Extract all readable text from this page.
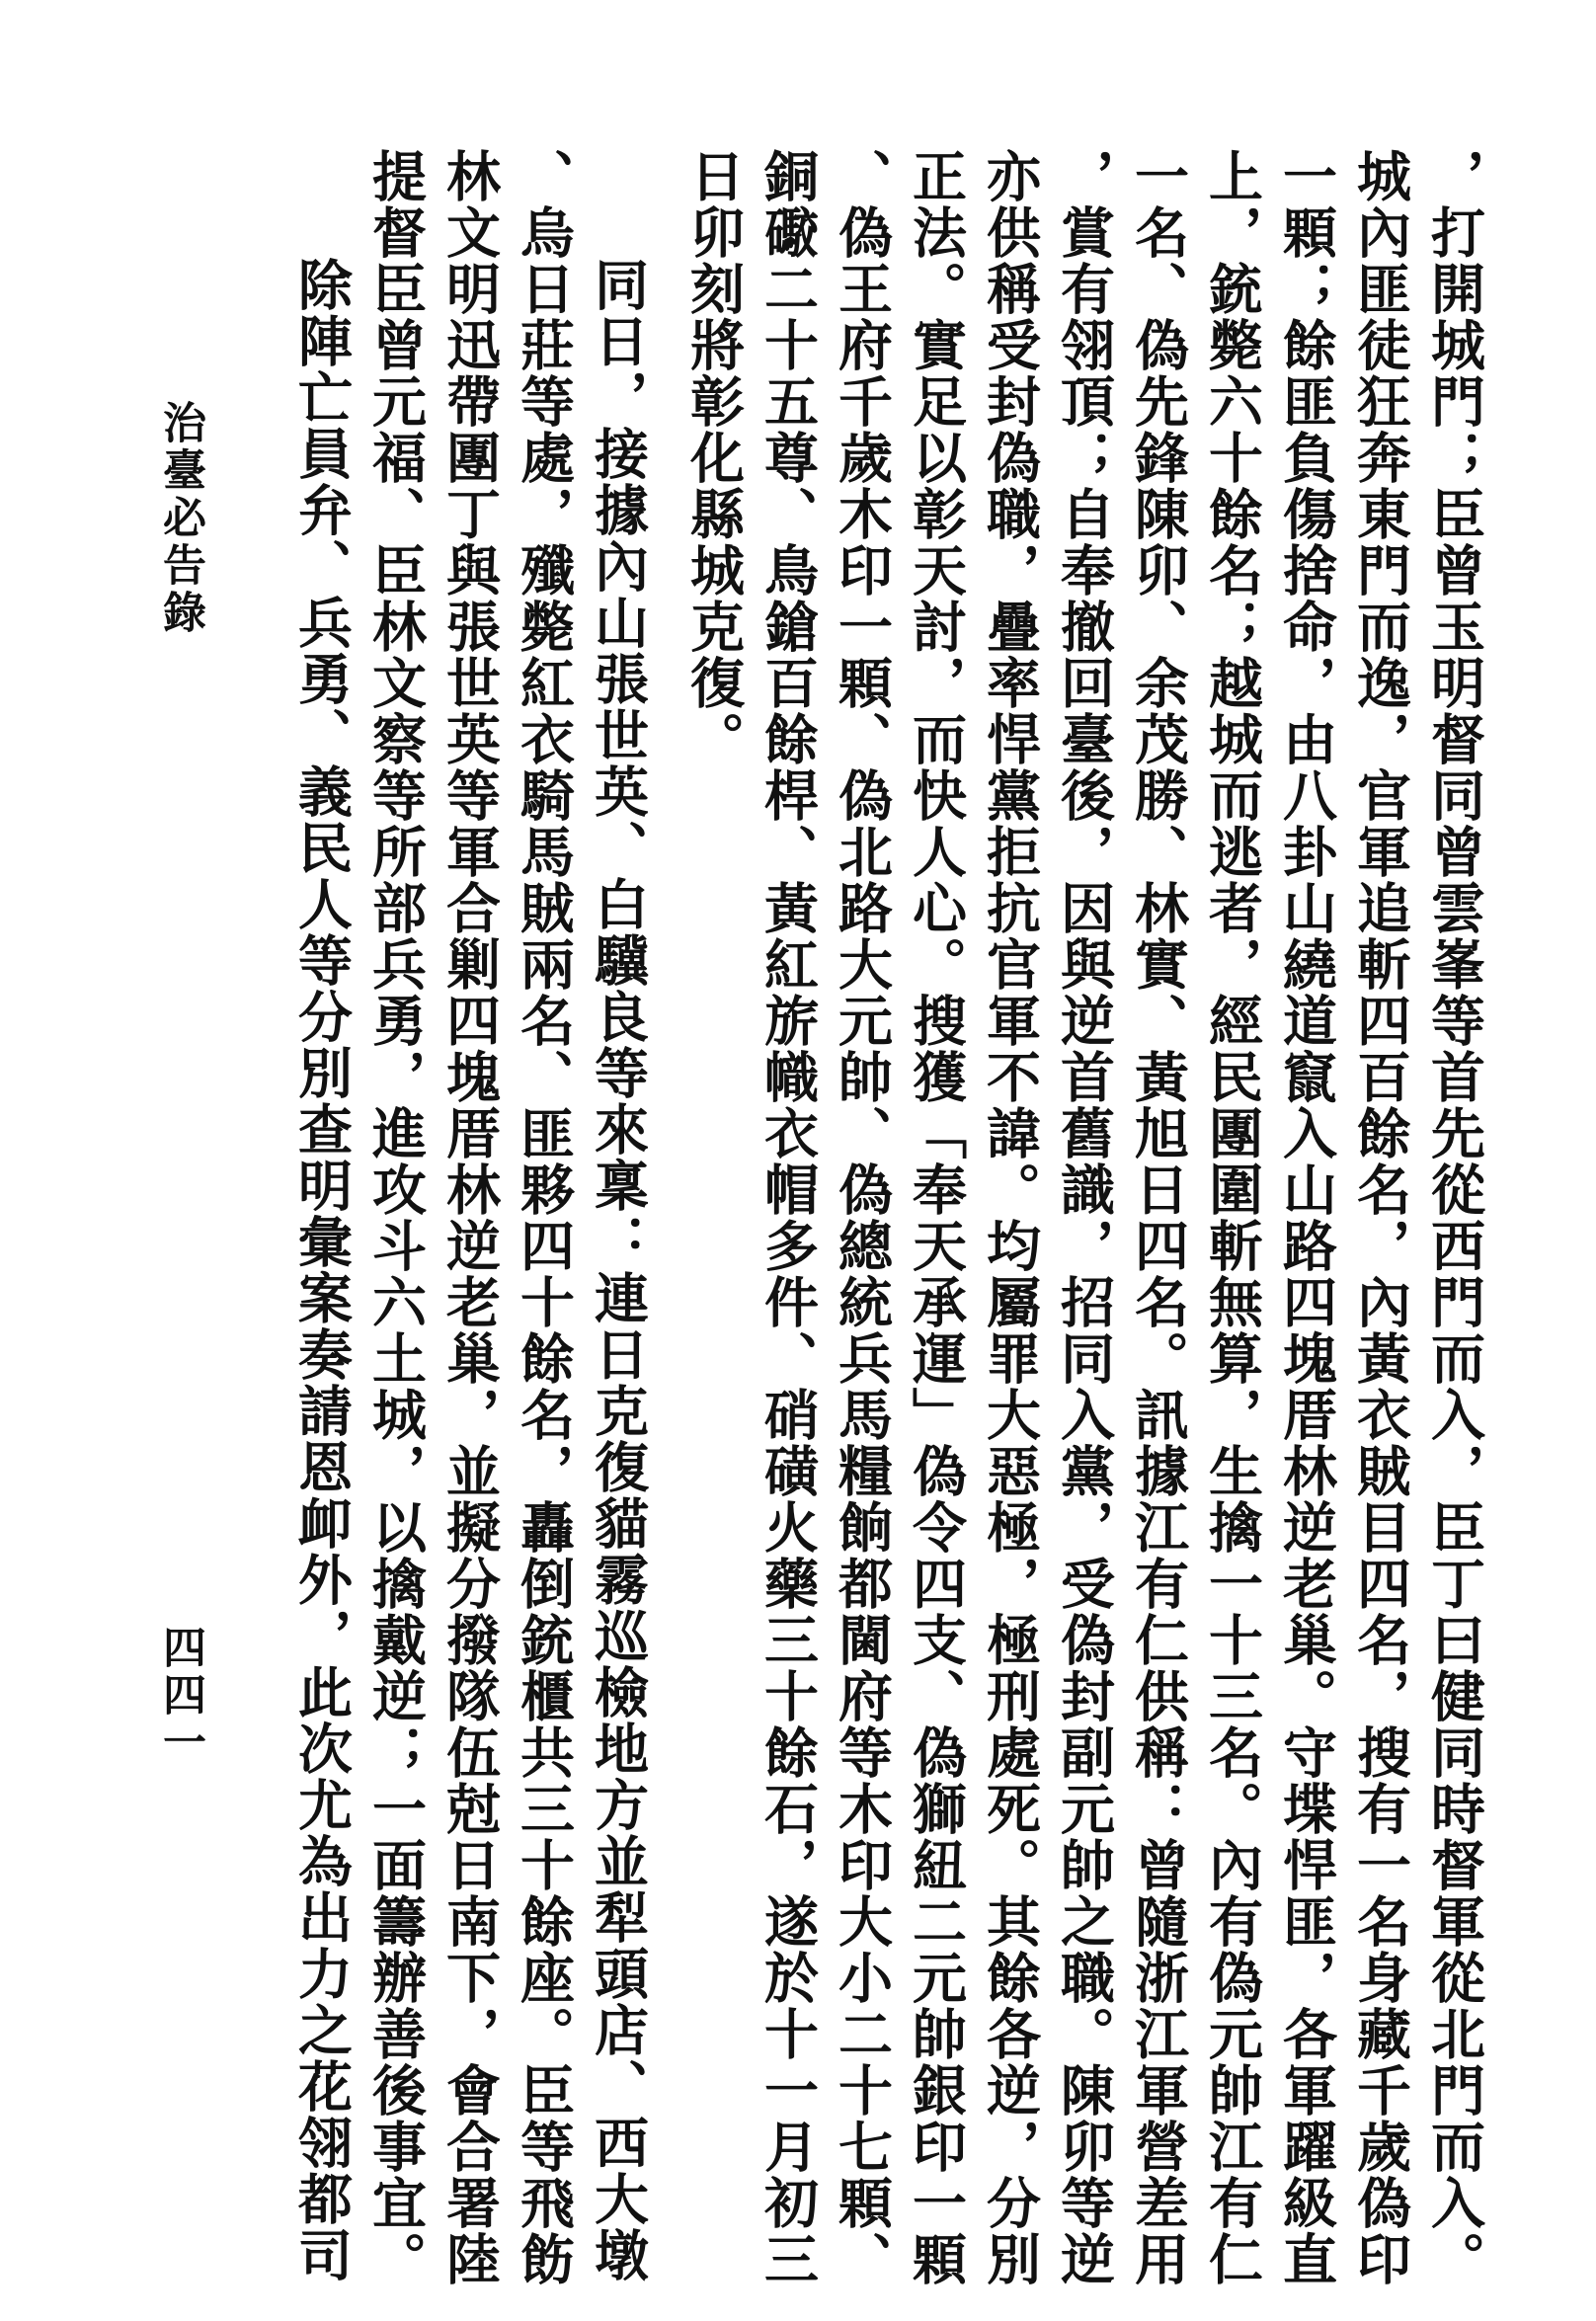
，打開城門；臣曾玉明督同曾雲峯等首先從西門而入，臣丁曰健同時督軍從北門而入。

城內匪徒狂奔東門而逸，官軍追斬四百餘名，內黃衣賊目四名，搜有一名身藏千歲偽印

一顆；餘匪負傷捨命，由八卦山繞道竄入山路四塊厝林逆老巢。守堞悍匪，各軍躍級直

上，銃斃六十餘名；越城而逃者，經民團圍斬無算，生擒一十三名。內有偽元帥江有仁

一名、偽先鋒陳卯、余茂勝、林實、黃旭日四名。訊據江有仁供稱：曾隨浙江軍營差用

，賞有翎頂；自奉撤回臺後，因與逆首舊識，招同入黨，受偽封副元帥之職。陳卯等逆

亦供稱受封偽職，疊率悍黨拒抗官軍不諱。均屬罪大惡極，極刑處死。其餘各逆，分別

正法。實足以彰天討，而快人心。搜獲「奉天承運」偽令四支、偽獅紐二元帥銀印一顆

、偽王府千歲木印一顆、偽北路大元帥、偽總統兵馬糧餉都閫府等木印大小二十七顆、

銅礮二十五尊、鳥鎗百餘桿、黃紅旂幟衣帽多件、硝磺火藥三十餘石，遂於十一月初三

日卯刻將彰化縣城克復。

同日，接據內山張世英、白驥良等來稟：連日克復貓霧巡檢地方並犁頭店、西大墩

、烏日莊等處，殲斃紅衣騎馬賊兩名、匪夥四十餘名，轟倒銃櫃共三十餘座。臣等飛飭

林文明迅帶團丁與張世英等軍合剿四塊厝林逆老巢，並擬分撥隊伍尅日南下，會合署陸

提督臣曾元福、臣林文察等所部兵勇，進攻斗六土城，以擒戴逆；一面籌辦善後事宜。

除陣亡員弁、兵勇、義民人等分別查明彙案奏請恩卹外，此次尤為出力之花翎都司

治臺必告錄
四四一
